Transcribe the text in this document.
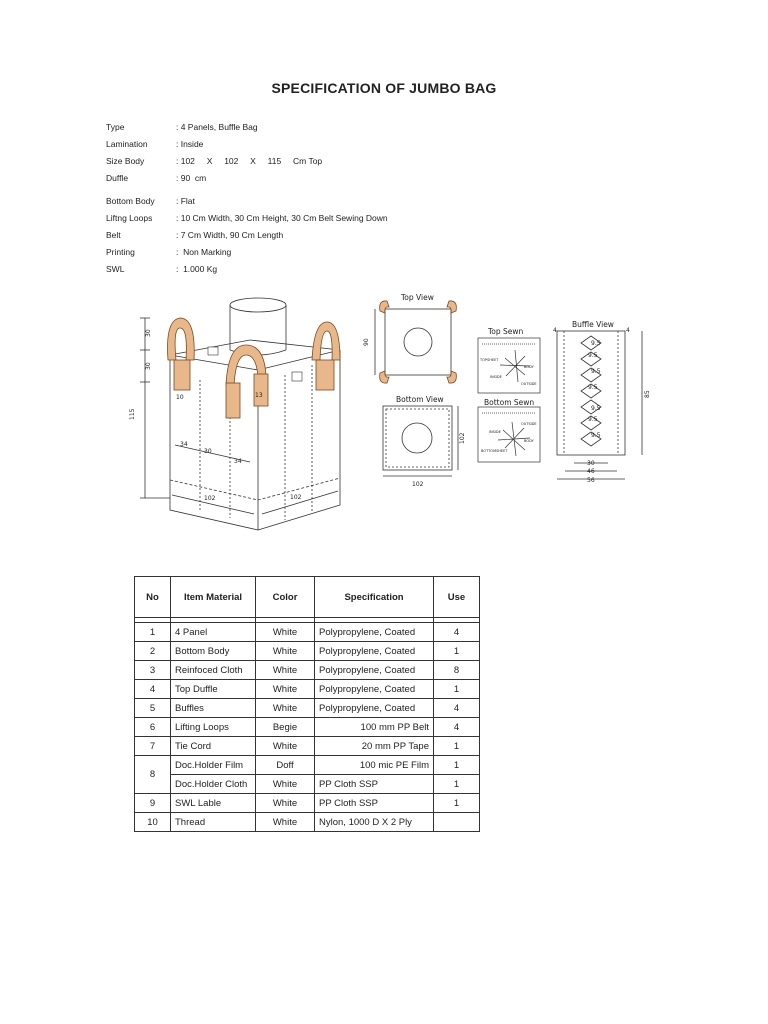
SPECIFICATION OF JUMBO BAG
Type	: 4 Panels, Buffle Bag
Lamination	: Inside
Size Body	: 102     X     102     X     115     Cm Top
Duffle	: 90  cm
Bottom Body	: Flat
Liftng Loops	: 10 Cm Width, 30 Cm Height, 30 Cm Belt Sewing Down
Belt	: 7 Cm Width, 90 Cm Length
Printing	:  Non Marking
SWL	:  1.000 Kg
30
30
115
10	13
34
30
34
102	102
Top View
90
Bottom View
102
102
Top Sewn
TOPSHEET
BODY
INSIDE
OUTSIDE
Bottom Sewn
OUTSIDE
INSIDE
BODY
BOTTOMSHEET
Buffle View
4	4
9.5
9.5
9.5
9.5
9.5
9.5
9.5
85
30
46
56
No	Item Material	Color	Specification	Use

1	4 Panel	White	Polypropylene, Coated	4
2	Bottom Body	White	Polypropylene, Coated	1
3	Reinfoced Cloth	White	Polypropylene, Coated	8
4	Top Duffle	White	Polypropylene, Coated	1
5	Buffles	White	Polypropylene, Coated	4
6	Lifting Loops	Begie	100 mm PP Belt	4
7	Tie Cord	White	20 mm PP Tape	1
8	Doc.Holder Film	Doff	100 mic PE Film	1
	Doc.Holder Cloth	White	PP Cloth SSP	1
9	SWL Lable	White	PP Cloth SSP	1
10	Thread	White	Nylon, 1000 D X 2 Ply	
